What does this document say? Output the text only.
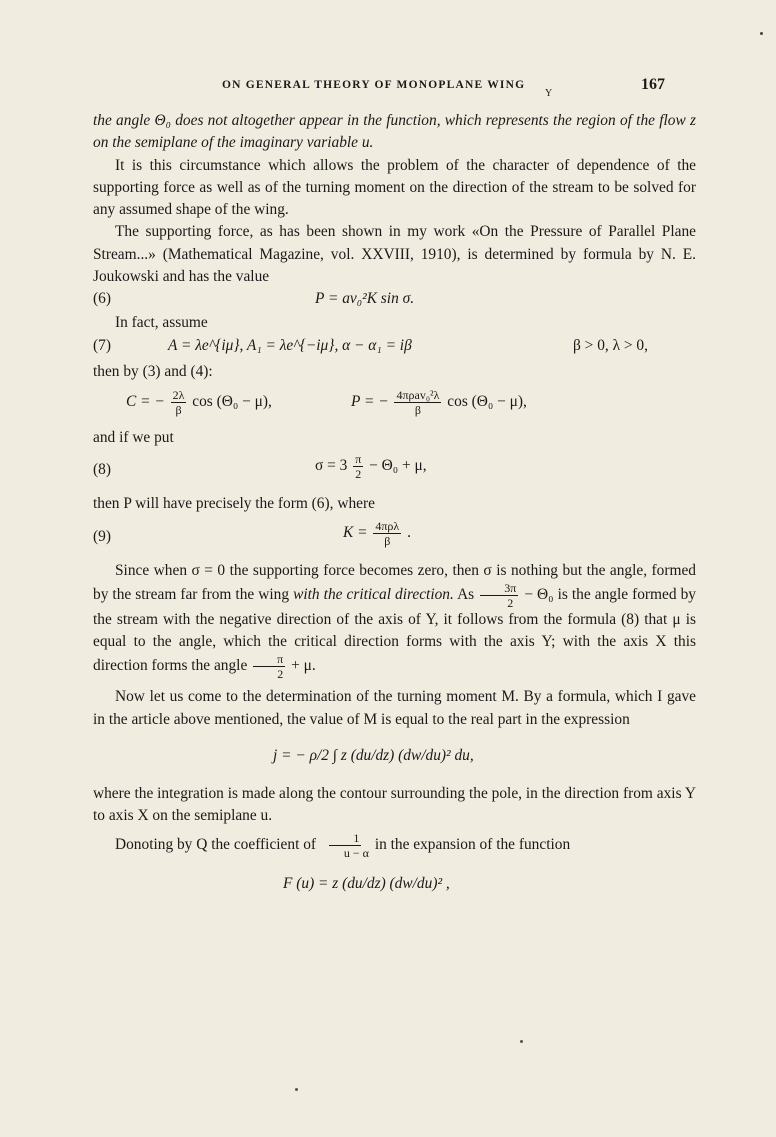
ON GENERAL THEORY OF MONOPLANE WING
Y
167

the angle Θ₀ does not altogether appear in the function, which represents the region of the flow z on the semiplane of the imaginary variable u.

It is this circumstance which allows the problem of the character of dependence of the supporting force as well as of the turning moment on the direction of the stream to be solved for any assumed shape of the wing.

The supporting force, as has been shown in my work «On the Pressure of Parallel Plane Stream...» (Mathematical Magazine, vol. XXVIII, 1910), is determined by formula by N. E. Joukowski and has the value

(6)	P = av₀²K sin σ.

In fact, assume

(7)	A = λe^{iμ}, A₁ = λe^{−iμ}, α − α₁ = iβ	β > 0, λ > 0,

then by (3) and (4):

C = − $\frac{2\lambda}{\beta}$ cos (Θ₀ − μ),	P = − $\frac{\text{4πρav₀²λ}}{\beta}$ cos (Θ₀ − μ),

and if we put

(8)	$\sigma = 3 \frac{\pi}{2} - \Theta_0 + \mu$,

then P will have precisely the form (6), where

(9)	$K = \frac{\text{4πρλ}}{\beta}$ .

Since when σ = 0 the supporting force becomes zero, then σ is nothing but the angle, formed by the stream far from the wing with the critical direction. As $\frac{3\pi}{2} - \Theta_0$ is the angle formed by the stream with the negative direction of the axis of Y, it follows from the formula (8) that μ is equal to the angle, which the critical direction forms with the axis Y; with the axis X this direction forms the angle $\frac{\pi}{2} + \mu$.

Now let us come to the determination of the turning moment M. By a formula, which I gave in the article above mentioned, the value of M is equal to the real part in the expression

j = − ρ/2 ∫ z (du/dz) (dw/du)² du,

where the integration is made along the contour surrounding the pole, in the direction from axis Y to axis X on the semiplane u.

Donoting by Q the coefficient of $\frac{1}{u - \alpha}$ in the expansion of the function

F (u) = z (du/dz) (dw/du)² ,
